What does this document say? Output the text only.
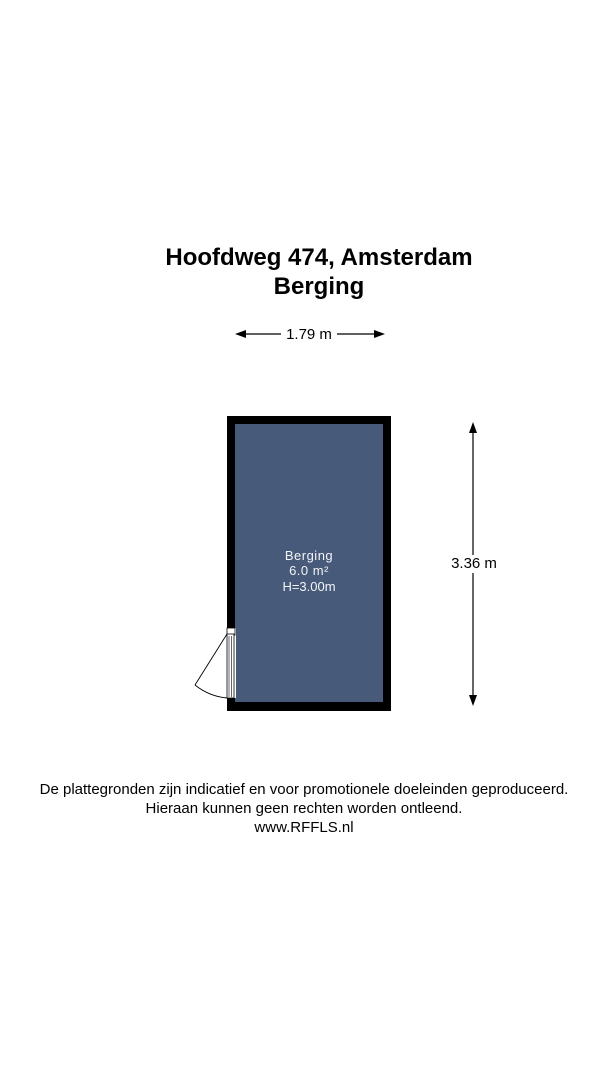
Hoofdweg 474, Amsterdam
Berging
1.79 m
3.36 m
Berging
6.0 m²
H=3.00m
De plattegronden zijn indicatief en voor promotionele doeleinden geproduceerd.
Hieraan kunnen geen rechten worden ontleend.
www.RFFLS.nl
